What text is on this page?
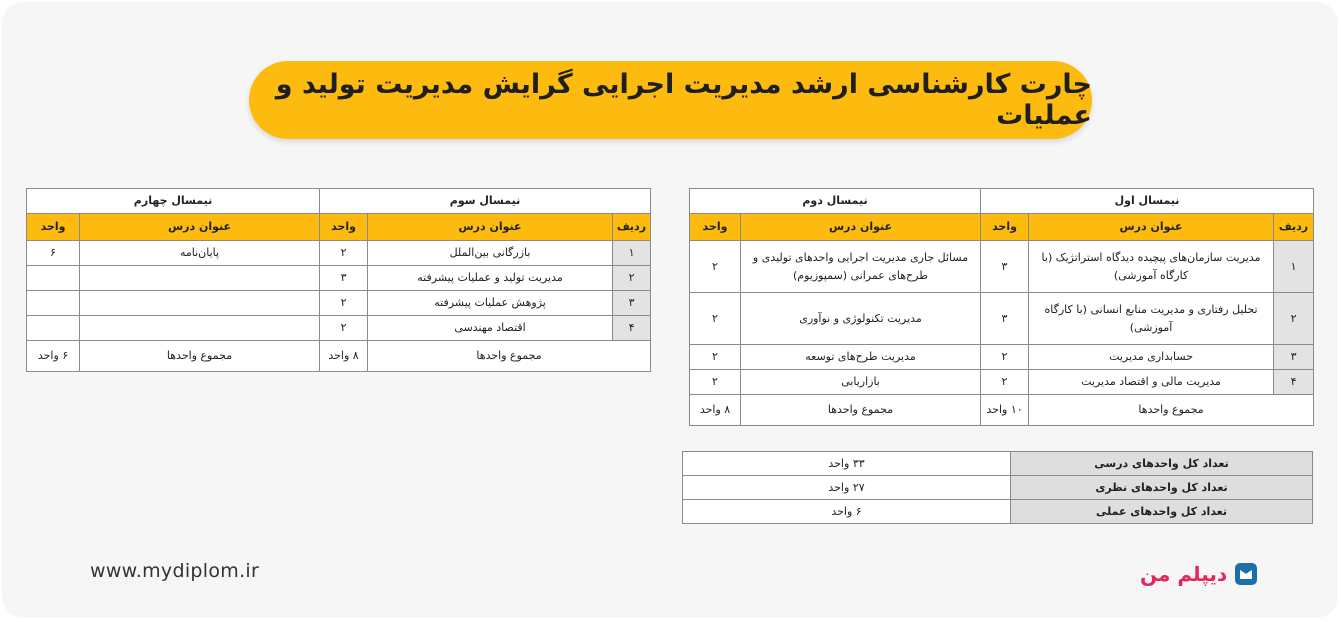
چارت کارشناسی ارشد مدیریت اجرایی گرایش مدیریت تولید و عملیات
نیمسال اول			نیمسال دوم	
ردیف	عنوان درس	واحد	عنوان درس	واحد
۱	مدیریت سازمان‌های پیچیده دیدگاه استراتژیک (با کارگاه آموزشی)	۳	مسائل جاری مدیریت اجرایی واحدهای تولیدی و طرح‌های عمرانی (سمپوزیوم)	۲
۲	تحلیل رفتاری و مدیریت منابع انسانی (با کارگاه آموزشی)	۳	مدیریت تکنولوژی و نوآوری	۲
۳	حسابداری مدیریت	۲	مدیریت طرح‌های توسعه	۲
۴	مدیریت مالی و اقتصاد مدیریت	۲	بازاریابی	۲
مجموع واحدها		۱۰ واحد	مجموع واحدها	۸ واحد
نیمسال سوم			نیمسال چهارم	
ردیف	عنوان درس	واحد	عنوان درس	واحد
۱	بازرگانی بین‌الملل	۲	پایان‌نامه	۶
۲	مدیریت تولید و عملیات پیشرفته	۳		
۳	پژوهش عملیات پیشرفته	۲		
۴	اقتصاد مهندسی	۲		
مجموع واحدها		۸ واحد	مجموع واحدها	۶ واحد
تعداد کل واحدهای درسی	۳۳ واحد
تعداد کل واحدهای نظری	۲۷ واحد
تعداد کل واحدهای عملی	۶ واحد
www.mydiplom.ir	دیپلم من
